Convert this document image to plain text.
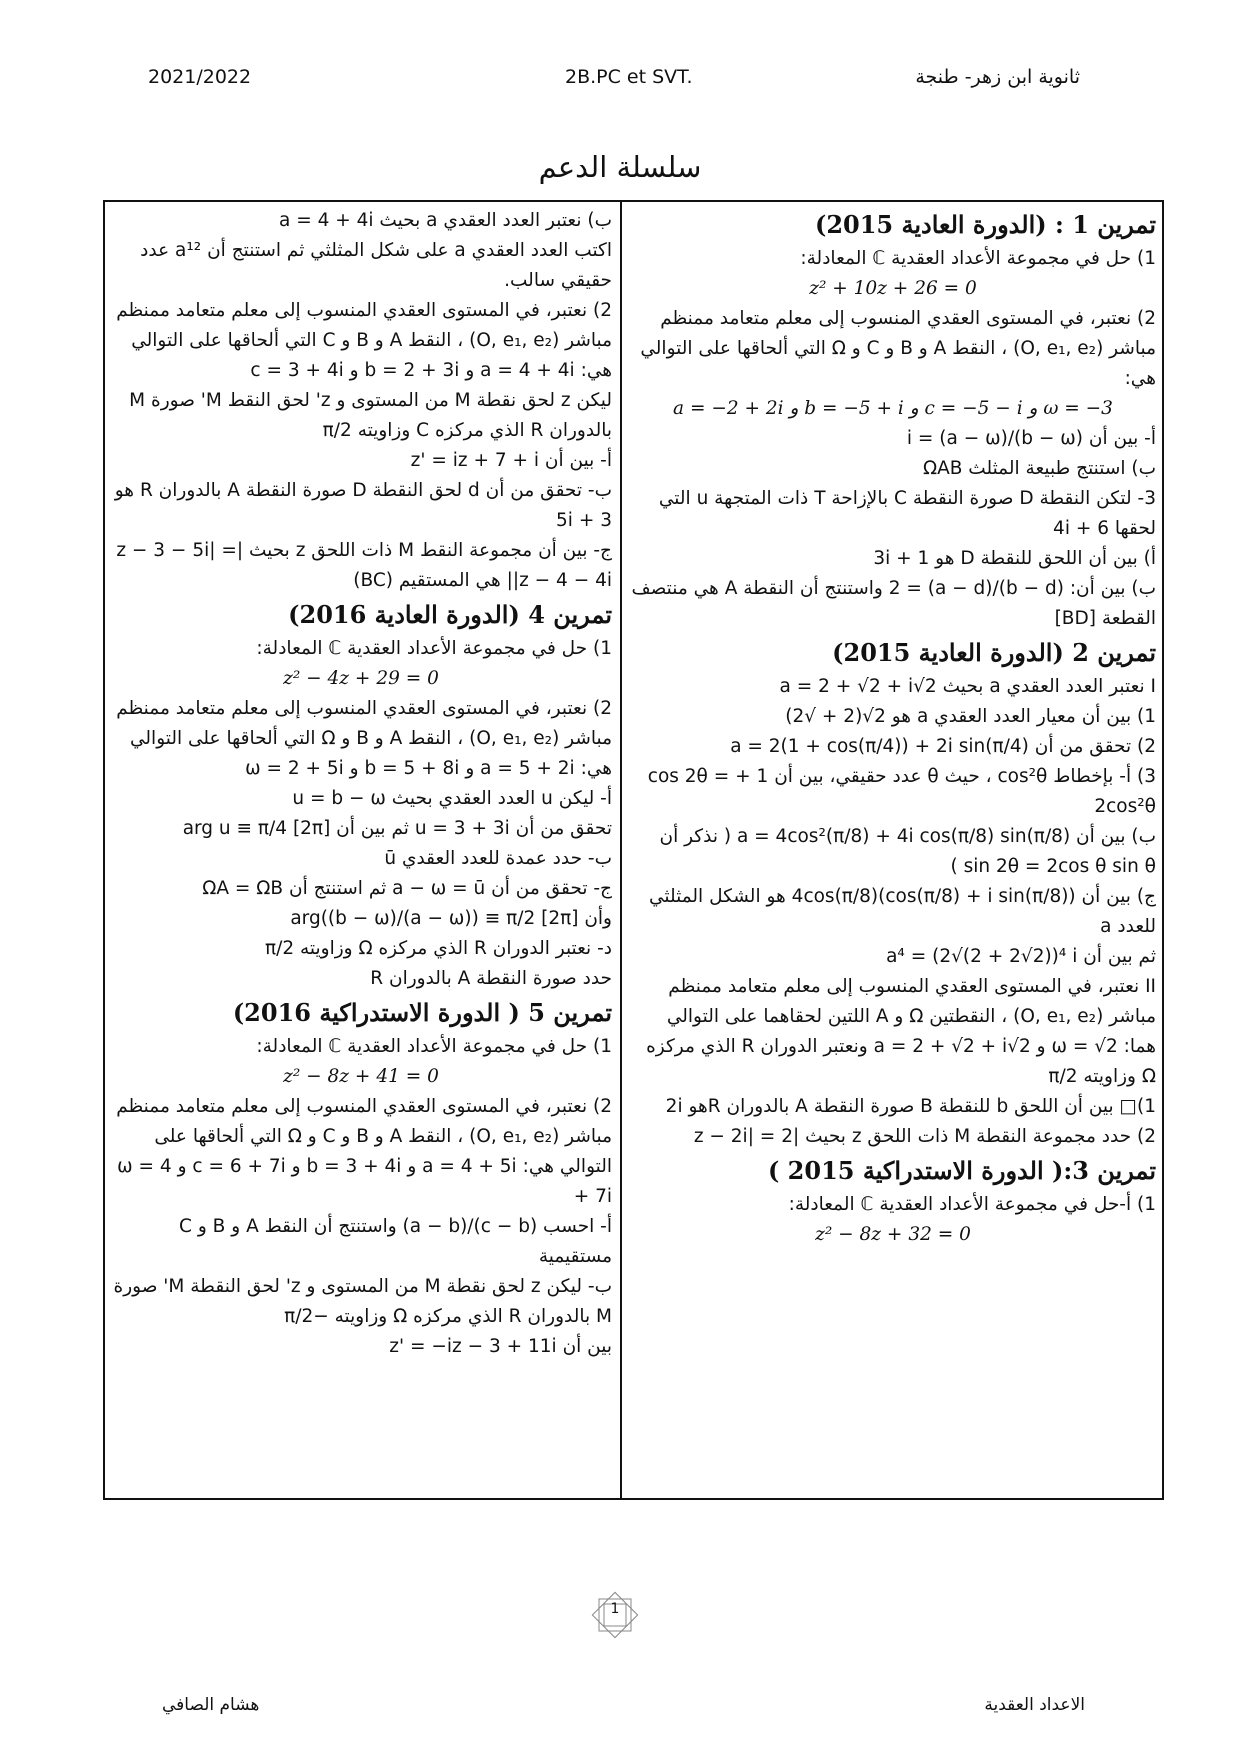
ثانوية ابن زهر- طنجة
2B.PC et SVT.
2021/2022
سلسلة الدعم

تمرين 1 : (الدورة العادية 2015)

1) حل في مجموعة الأعداد العقدية ℂ المعادلة:

z² + 10z + 26 = 0

2) نعتبر، في المستوى العقدي المنسوب إلى معلم متعامد ممنظم مباشر (O, e₁, e₂) ، النقط A و B و C و Ω التي ألحاقها على التوالي هي:

a = −2 + 2i و b = −5 + i و c = −5 − i و ω = −3

أ- بين أن (b − ω)/(a − ω) = i

ب) استنتج طبيعة المثلث ΩAB

3- لتكن النقطة D صورة النقطة C بالإزاحة T ذات المتجهة u التي لحقها 6 + 4i

أ) بين أن اللحق للنقطة D هو 1 + 3i

ب) بين أن: (b − d)/(a − d) = 2 واستنتج أن النقطة A هي منتصف القطعة [BD]

تمرين 2 (الدورة العادية 2015)

I نعتبر العدد العقدي a بحيث a = 2 + √2 + i√2

1) بين أن معيار العدد العقدي a هو 2√(2 + √2)

2) تحقق من أن a = 2(1 + cos(π/4)) + 2i sin(π/4)

3) أ- بإخطاط cos²θ ، حيث θ عدد حقيقي، بين أن 1 + cos 2θ = 2cos²θ

ب) بين أن a = 4cos²(π/8) + 4i cos(π/8) sin(π/8) ( نذكر أن sin 2θ = 2cos θ sin θ )

ج) بين أن 4cos(π/8)(cos(π/8) + i sin(π/8)) هو الشكل المثلثي للعدد a

ثم بين أن a⁴ = (2√(2 + 2√2))⁴ i

II نعتبر، في المستوى العقدي المنسوب إلى معلم متعامد ممنظم مباشر (O, e₁, e₂) ، النقطتين Ω و A اللتين لحقاهما على التوالي هما: ω = √2 و a = 2 + √2 + i√2 ونعتبر الدوران R الذي مركزه Ω وزاويته π/2

1)□ بين أن اللحق b للنقطة B صورة النقطة A بالدوران Rهو 2i

2) حدد مجموعة النقطة M ذات اللحق z بحيث |z − 2i| = 2

تمرين 3:( الدورة الاستدراكية 2015 )

1) أ-حل في مجموعة الأعداد العقدية ℂ المعادلة:

z² − 8z + 32 = 0

ب) نعتبر العدد العقدي a بحيث a = 4 + 4i

اكتب العدد العقدي a على شكل المثلثي ثم استنتج أن a¹² عدد حقيقي سالب.

2) نعتبر، في المستوى العقدي المنسوب إلى معلم متعامد ممنظم مباشر (O, e₁, e₂) ، النقط A و B و C التي ألحاقها على التوالي هي: a = 4 + 4i و b = 2 + 3i و c = 3 + 4i

ليكن z لحق نقطة M من المستوى و z' لحق النقط M' صورة M بالدوران R الذي مركزه C وزاويته π/2

أ- بين أن z' = iz + 7 + i

ب- تحقق من أن d لحق النقطة D صورة النقطة A بالدوران R هو 3 + 5i

ج- بين أن مجموعة النقط M ذات اللحق z بحيث |z − 3 − 5i| = |z − 4 − 4i| هي المستقيم (BC)

تمرين 4 (الدورة العادية 2016)

1) حل في مجموعة الأعداد العقدية ℂ المعادلة:

z² − 4z + 29 = 0

2) نعتبر، في المستوى العقدي المنسوب إلى معلم متعامد ممنظم مباشر (O, e₁, e₂) ، النقط A و B و Ω التي ألحاقها على التوالي هي: a = 5 + 2i و b = 5 + 8i و ω = 2 + 5i

أ- ليكن u العدد العقدي بحيث u = b − ω

تحقق من أن u = 3 + 3i ثم بين أن arg u ≡ π/4 [2π]

ب- حدد عمدة للعدد العقدي ū

ج- تحقق من أن a − ω = ū ثم استنتج أن ΩA = ΩB

وأن arg((b − ω)/(a − ω)) ≡ π/2 [2π]

د- نعتبر الدوران R الذي مركزه Ω وزاويته π/2

حدد صورة النقطة A بالدوران R

تمرين 5 ( الدورة الاستدراكية 2016)

1) حل في مجموعة الأعداد العقدية ℂ المعادلة:

z² − 8z + 41 = 0

2) نعتبر، في المستوى العقدي المنسوب إلى معلم متعامد ممنظم مباشر (O, e₁, e₂) ، النقط A و B و C و Ω التي ألحاقها على التوالي هي: a = 4 + 5i و b = 3 + 4i و c = 6 + 7i و ω = 4 + 7i

أ- احسب (c − b)/(a − b) واستنتج أن النقط A و B و C مستقيمية

ب- ليكن z لحق نقطة M من المستوى و z' لحق النقطة M' صورة M بالدوران R الذي مركزه Ω وزاويته −π/2

بين أن z' = −iz − 3 + 11i

1
الاعداد العقدية
هشام الصافي
